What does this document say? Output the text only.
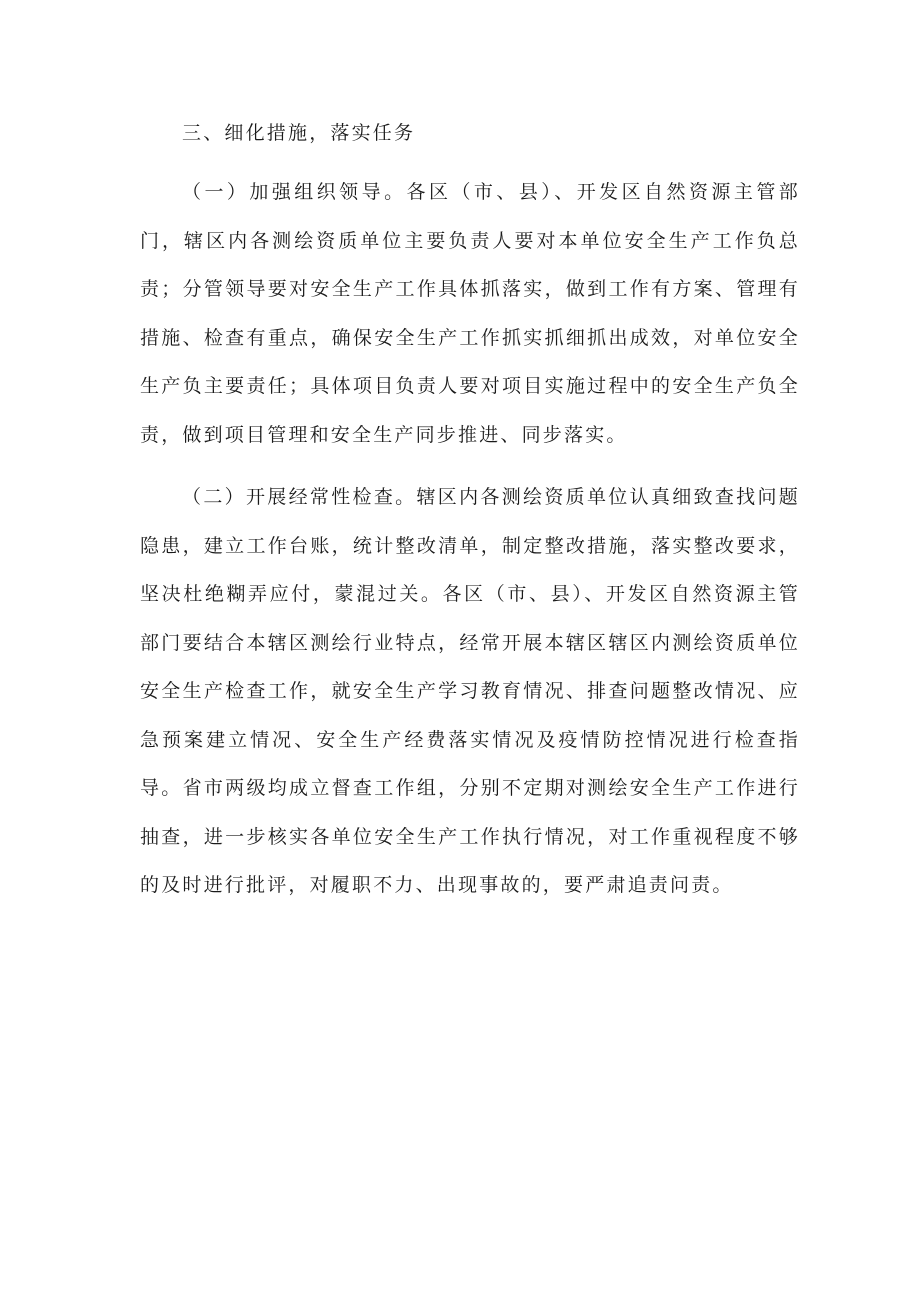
三、细化措施，落实任务

（一）加强组织领导。各区（市、县）、开发区自然资源主管部门，辖区内各测绘资质单位主要负责人要对本单位安全生产工作负总责；分管领导要对安全生产工作具体抓落实，做到工作有方案、管理有措施、检查有重点，确保安全生产工作抓实抓细抓出成效，对单位安全生产负主要责任；具体项目负责人要对项目实施过程中的安全生产负全责，做到项目管理和安全生产同步推进、同步落实。

（二）开展经常性检查。辖区内各测绘资质单位认真细致查找问题隐患，建立工作台账，统计整改清单，制定整改措施，落实整改要求，坚决杜绝糊弄应付，蒙混过关。各区（市、县）、开发区自然资源主管部门要结合本辖区测绘行业特点，经常开展本辖区辖区内测绘资质单位安全生产检查工作，就安全生产学习教育情况、排查问题整改情况、应急预案建立情况、安全生产经费落实情况及疫情防控情况进行检查指导。省市两级均成立督查工作组，分别不定期对测绘安全生产工作进行抽查，进一步核实各单位安全生产工作执行情况，对工作重视程度不够的及时进行批评，对履职不力、出现事故的，要严肃追责问责。
